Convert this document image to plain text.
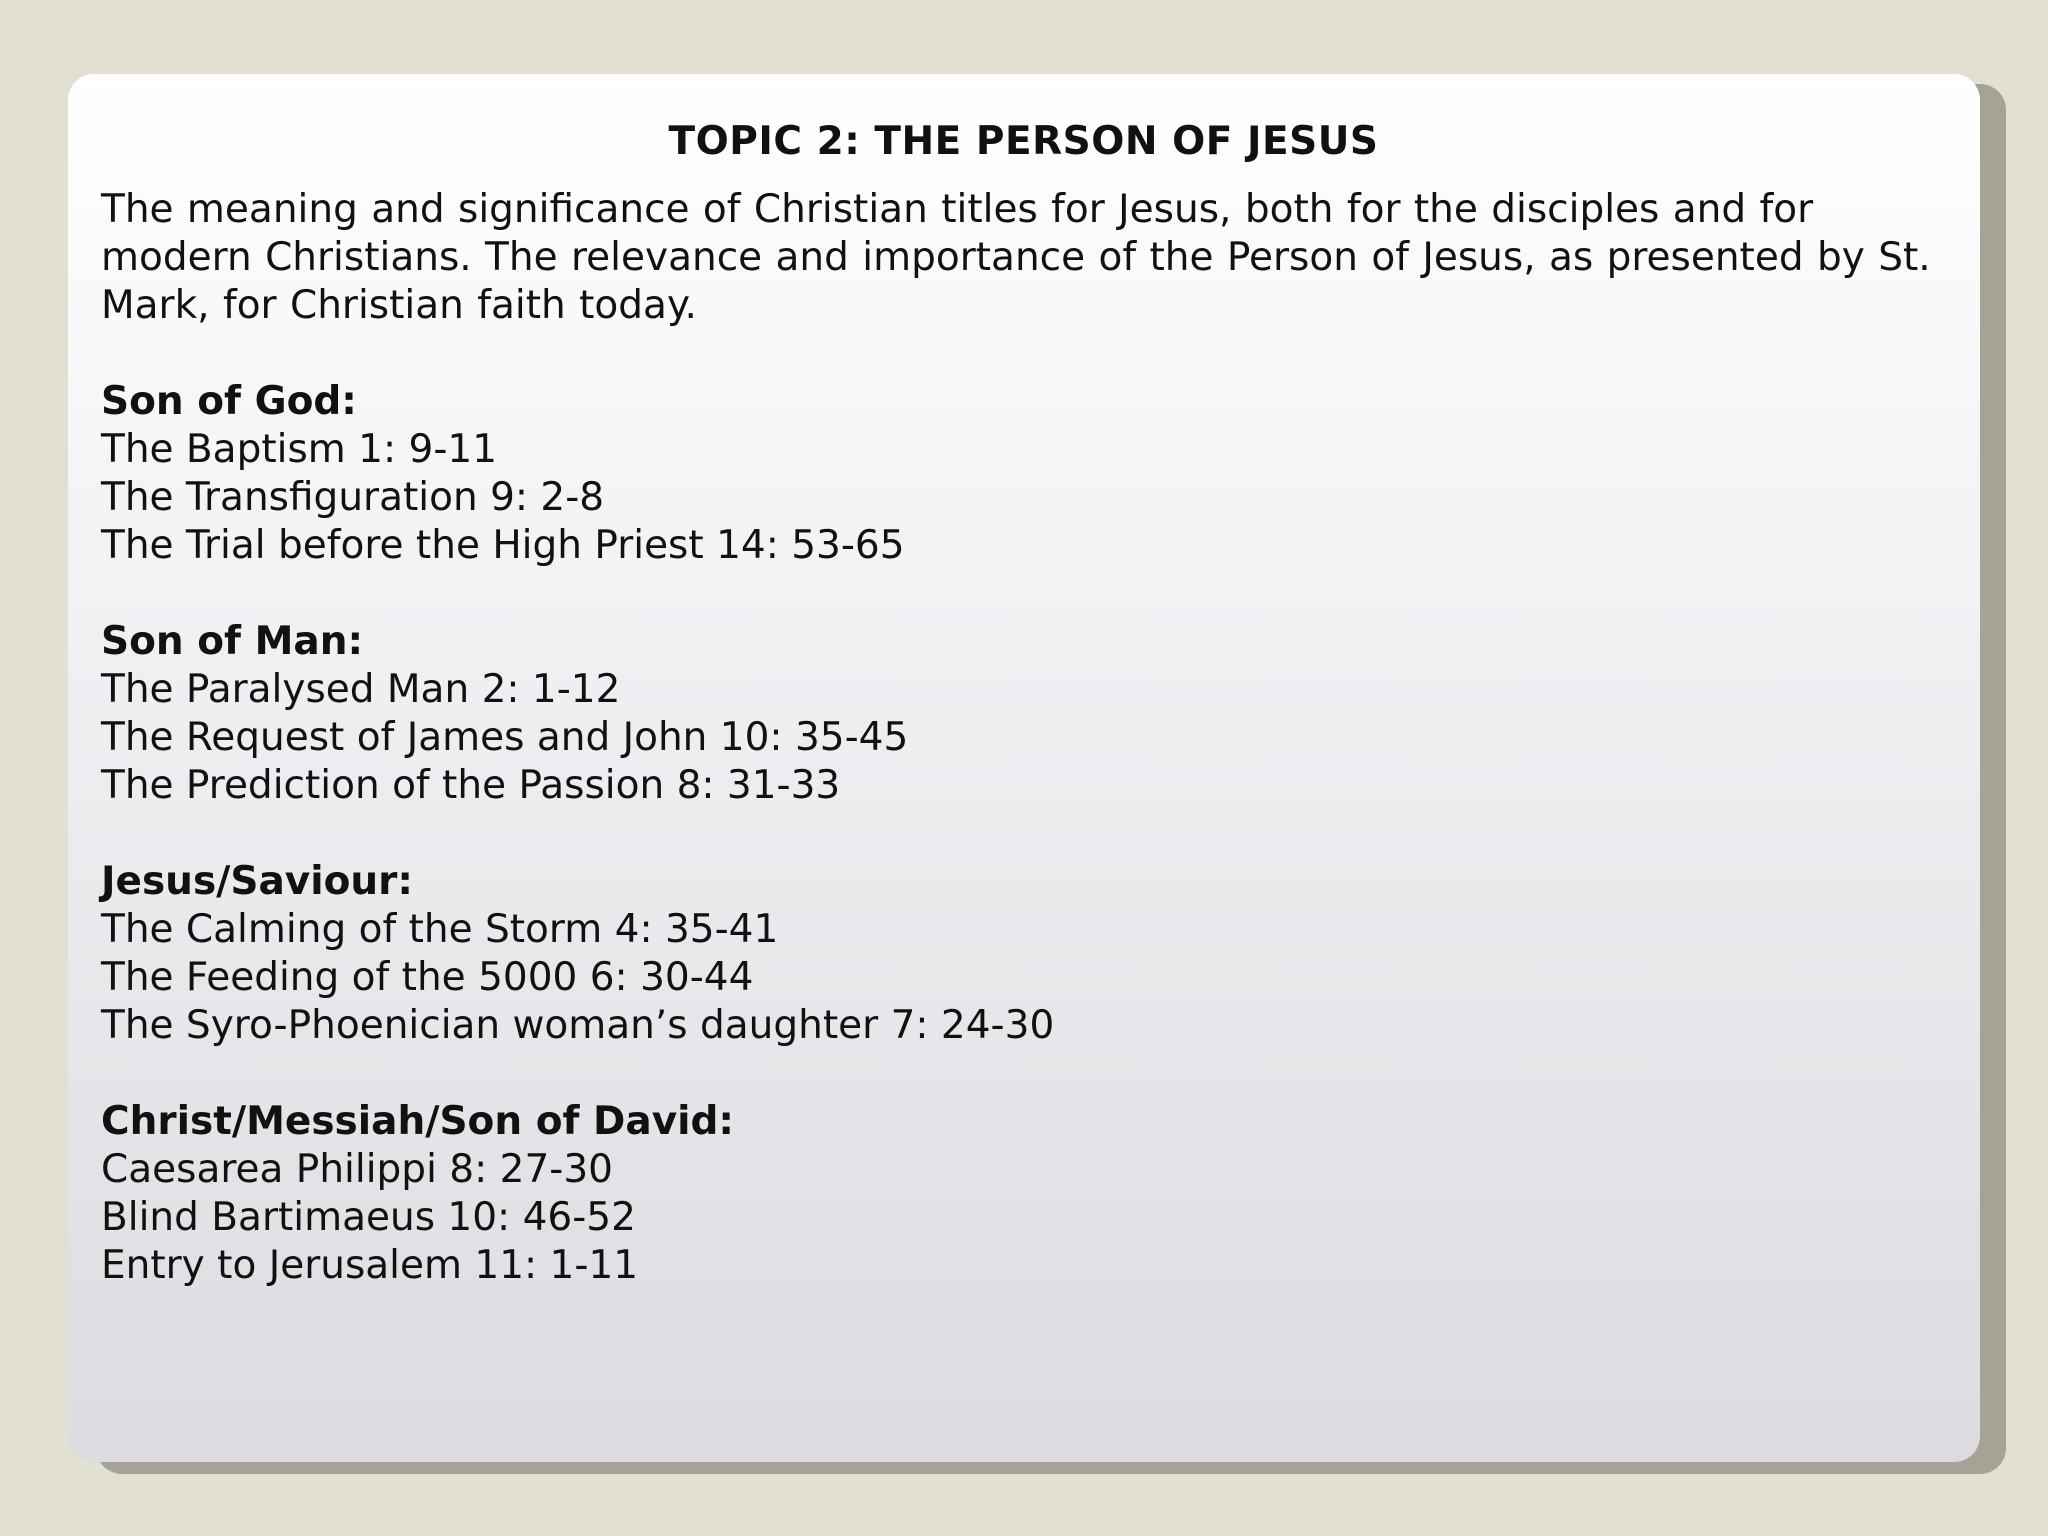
TOPIC 2: THE PERSON OF JESUS
The meaning and significance of Christian titles for Jesus, both for the disciples and for modern Christians. The relevance and importance of the Person of Jesus, as presented by St. Mark, for Christian faith today.
Son of God:
The Baptism 1: 9-11
The Transfiguration 9: 2-8
The Trial before the High Priest 14: 53-65
Son of Man:
The Paralysed Man 2: 1-12
The Request of James and John 10: 35-45
The Prediction of the Passion 8: 31-33
Jesus/Saviour:
The Calming of the Storm 4: 35-41
The Feeding of the 5000 6: 30-44
The Syro-Phoenician woman’s daughter 7: 24-30
Christ/Messiah/Son of David:
Caesarea Philippi 8: 27-30
Blind Bartimaeus 10: 46-52
Entry to Jerusalem 11: 1-11
